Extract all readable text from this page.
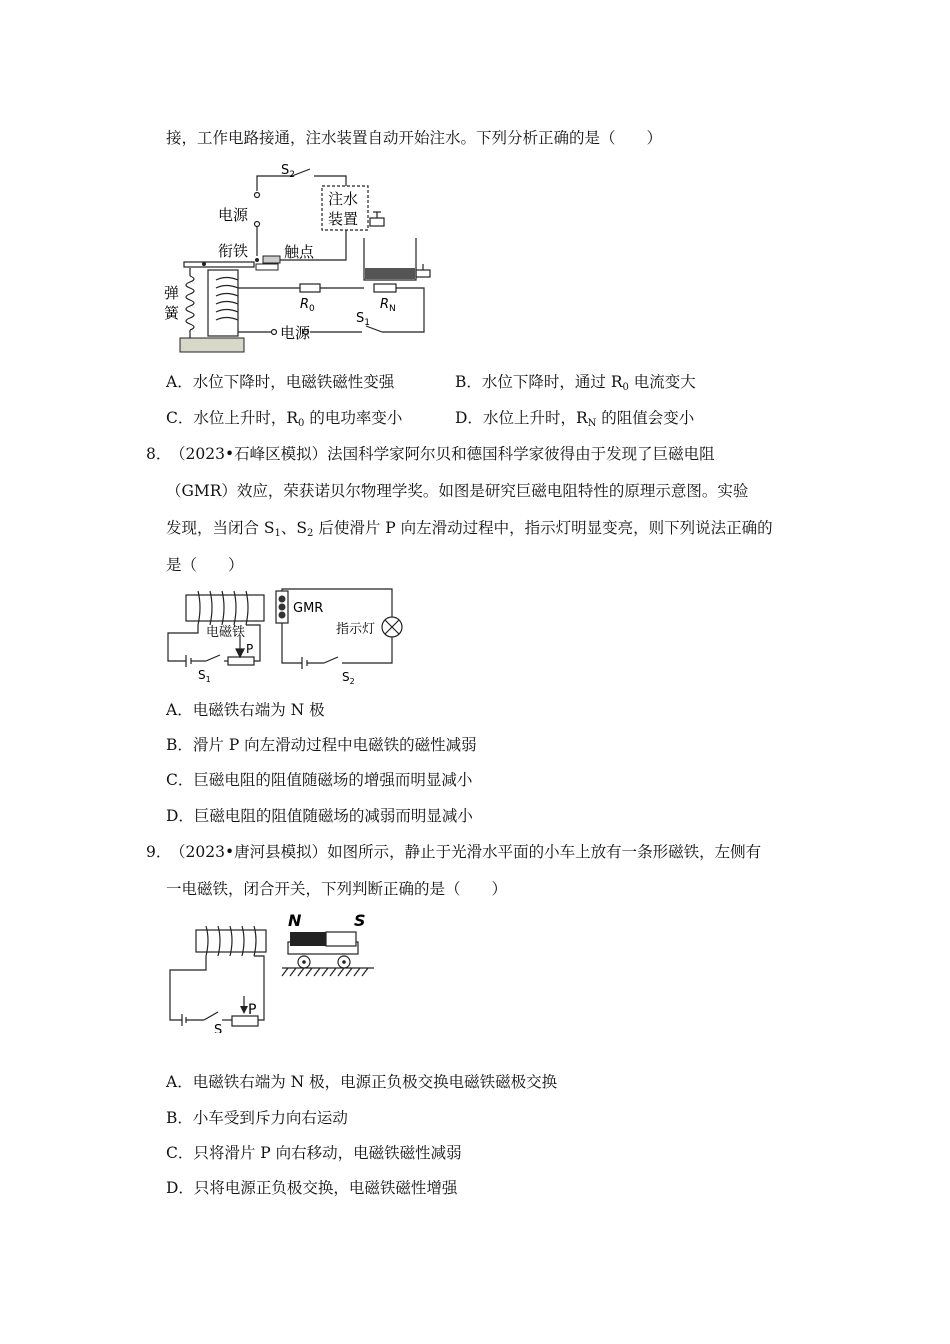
接，工作电路接通，注水装置自动开始注水。下列分析正确的是（　　）
$S_2$
电源
注水
装置
衔铁 触点
弹
簧	$R_0$	$R_N$
$S_1$
电源
A．水位下降时，电磁铁磁性变强	B．水位下降时，通过 $R_0$ 电流变大
C．水位上升时，$R_0$ 的电功率变小	D．水位上升时，$R_N$ 的阻值会变小
8．
（2023•石峰区模拟）法国科学家阿尔贝和德国科学家彼得由于发现了巨磁电阻
（GMR）效应，荣获诺贝尔物理学奖。如图是研究巨磁电阻特性的原理示意图。实验
发现，当闭合 $S_1$、$S_2$ 后使滑片 P 向左滑动过程中，指示灯明显变亮，则下列说法正确的
是（　　）
电磁铁
GMR
指示灯
P
$S_1$	$S_2$
A．电磁铁右端为 N 极
B．滑片 P 向左滑动过程中电磁铁的磁性减弱
C．巨磁电阻的阻值随磁场的增强而明显减小
D．巨磁电阻的阻值随磁场的减弱而明显减小
9．
（2023•唐河县模拟）如图所示，静止于光滑水平面的小车上放有一条形磁铁，左侧有
一电磁铁，闭合开关，下列判断正确的是（　　）
N	S
P
S
A．电磁铁右端为 N 极，电源正负极交换电磁铁磁极交换
B．小车受到斥力向右运动
C．只将滑片 P 向右移动，电磁铁磁性减弱
D．只将电源正负极交换，电磁铁磁性增强
